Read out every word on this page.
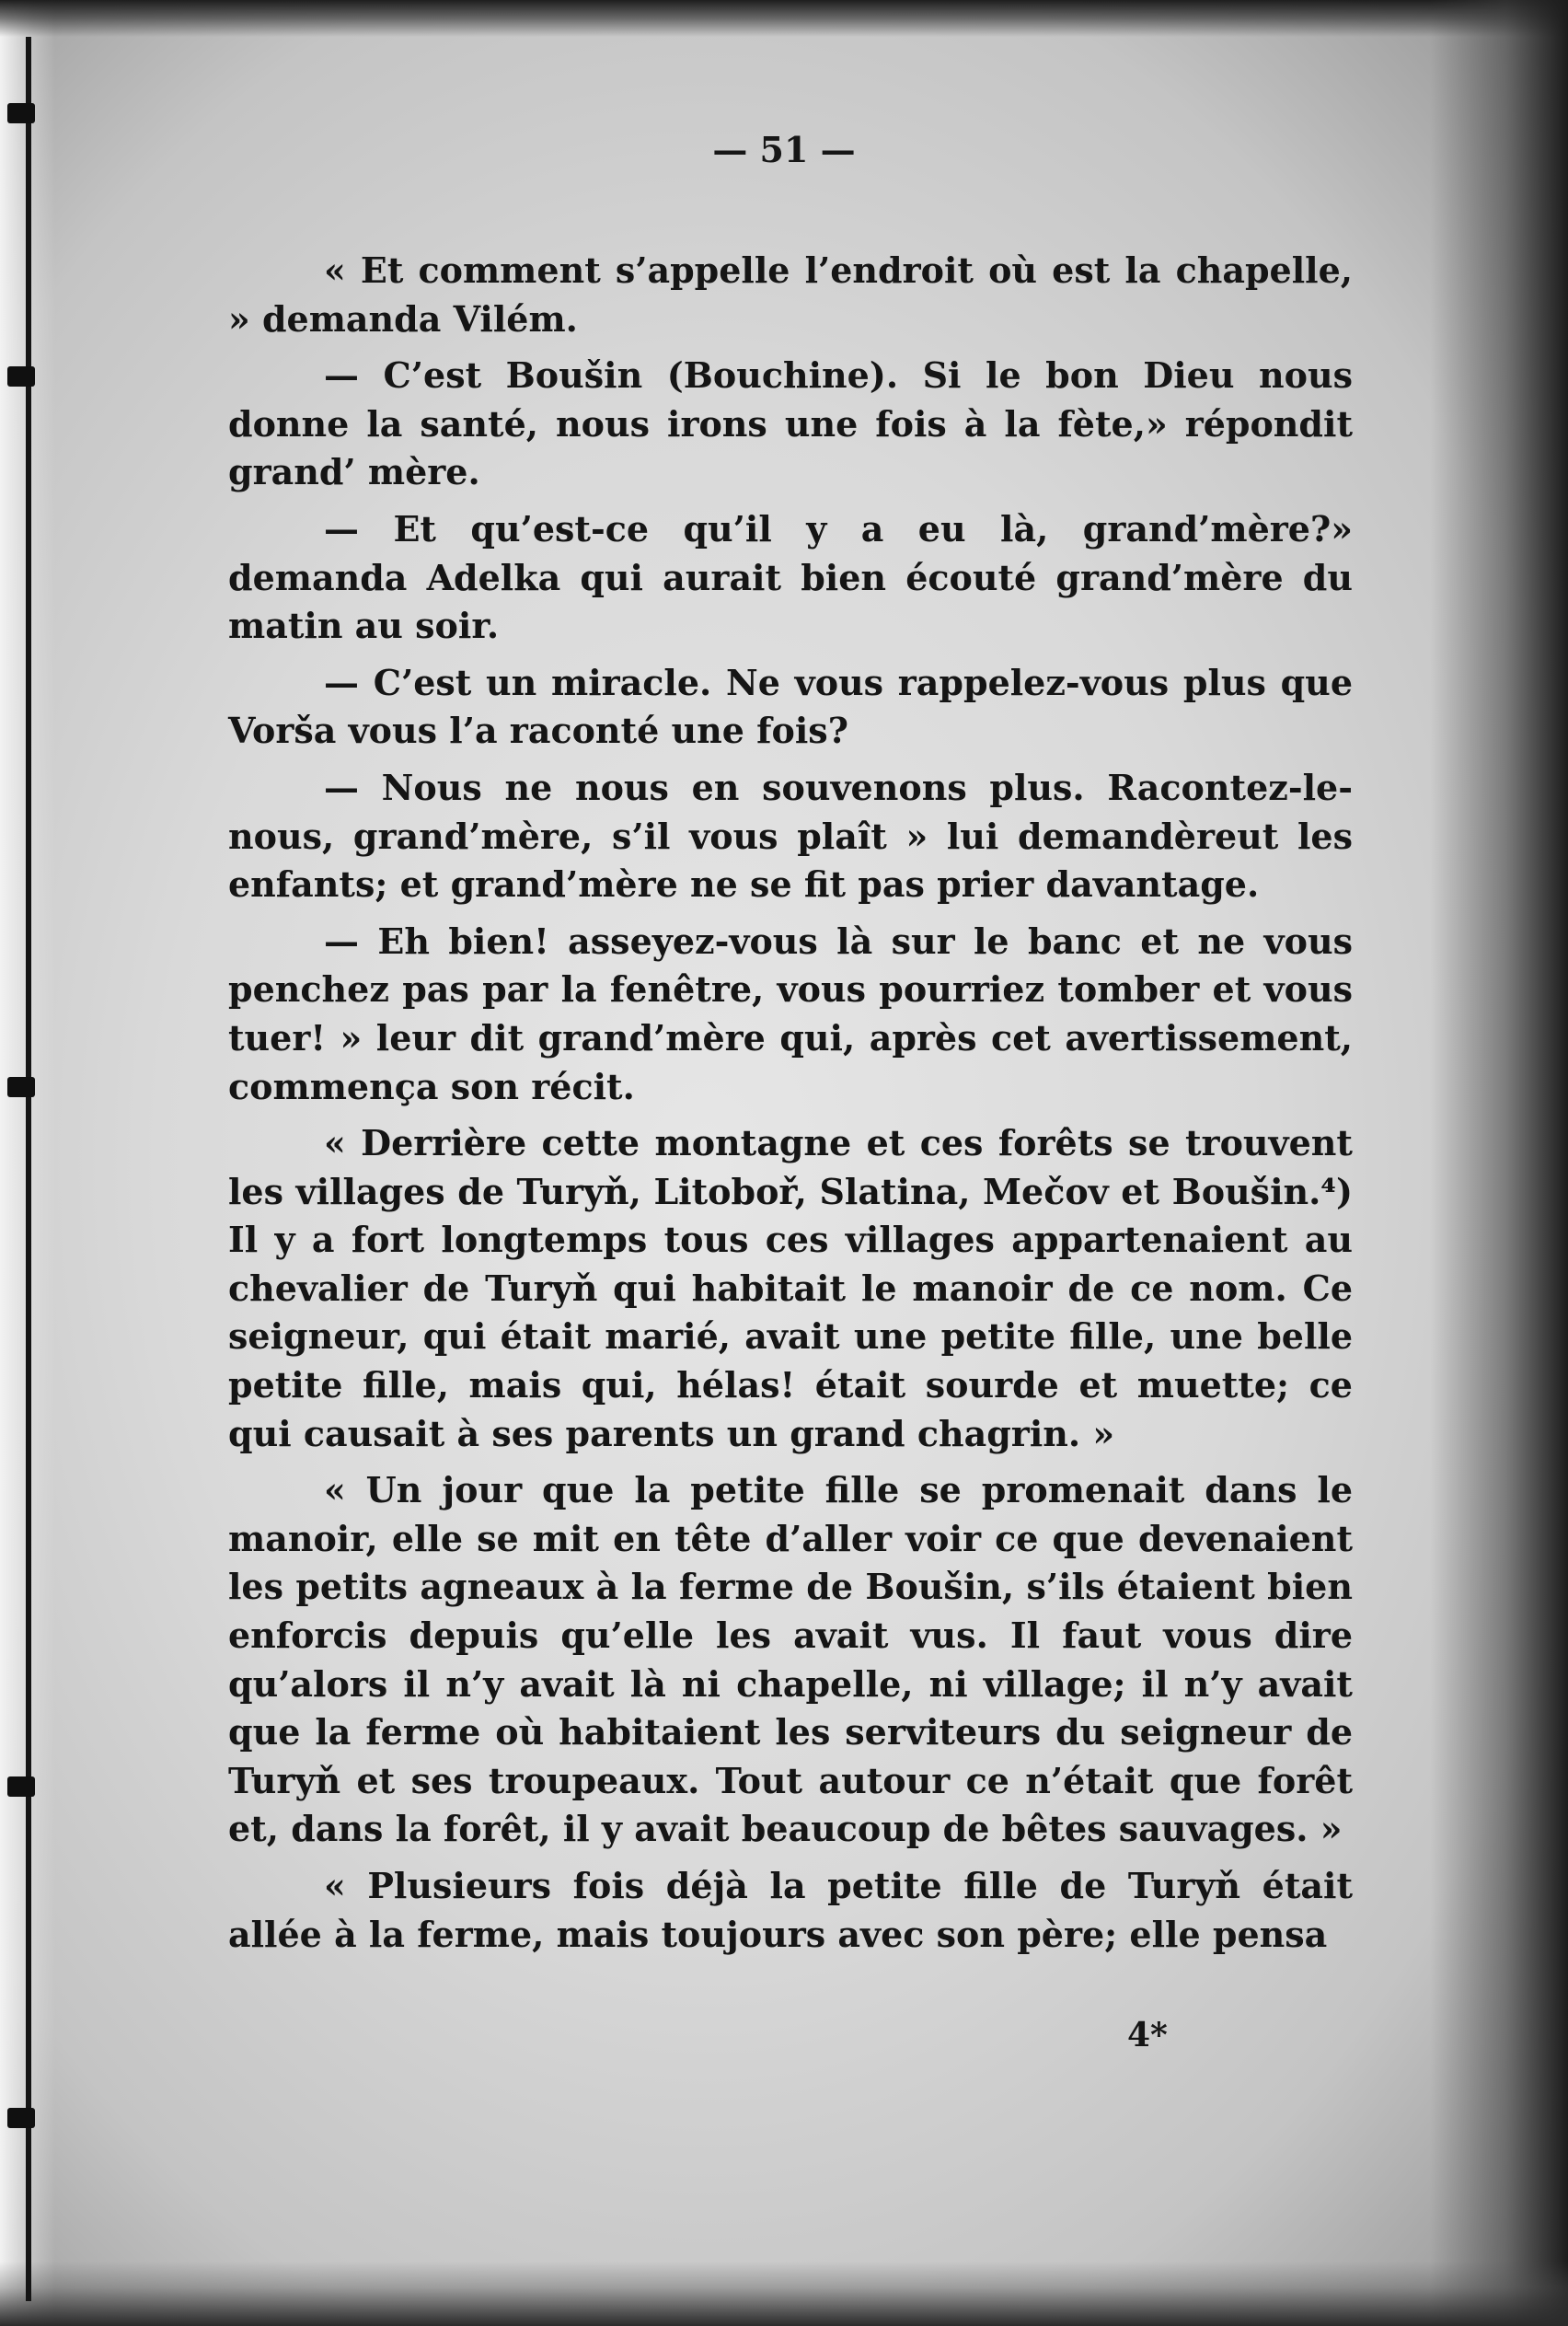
— 51 —

« Et comment s’appelle l’endroit où est la chapelle, » demanda Vilém.

— C’est Boušin (Bouchine). Si le bon Dieu nous donne la santé, nous irons une fois à la fète,» répondit grand’ mère.

— Et qu’est-ce qu’il y a eu là, grand’mère?» demanda Adelka qui aurait bien écouté grand’mère du matin au soir.

— C’est un miracle. Ne vous rappelez-vous plus que Vorša vous l’a raconté une fois?

— Nous ne nous en souvenons plus. Racontez-le-nous, grand’mère, s’il vous plaît » lui demandèreut les enfants; et grand’mère ne se fit pas prier davantage.

— Eh bien! asseyez-vous là sur le banc et ne vous penchez pas par la fenêtre, vous pourriez tomber et vous tuer! » leur dit grand’mère qui, après cet avertissement, commença son récit.

« Derrière cette montagne et ces forêts se trouvent les villages de Turyň, Litoboř, Slatina, Mečov et Boušin.⁴) Il y a fort longtemps tous ces villages appartenaient au chevalier de Turyň qui habitait le manoir de ce nom. Ce seigneur, qui était marié, avait une petite fille, une belle petite fille, mais qui, hélas! était sourde et muette; ce qui causait à ses parents un grand chagrin. »

« Un jour que la petite fille se promenait dans le manoir, elle se mit en tête d’aller voir ce que devenaient les petits agneaux à la ferme de Boušin, s’ils étaient bien enforcis depuis qu’elle les avait vus. Il faut vous dire qu’alors il n’y avait là ni chapelle, ni village; il n’y avait que la ferme où habitaient les serviteurs du seigneur de Turyň et ses troupeaux. Tout autour ce n’était que forêt et, dans la forêt, il y avait beaucoup de bêtes sauvages. »

« Plusieurs fois déjà la petite fille de Turyň était allée à la ferme, mais toujours avec son père; elle pensa

4*
